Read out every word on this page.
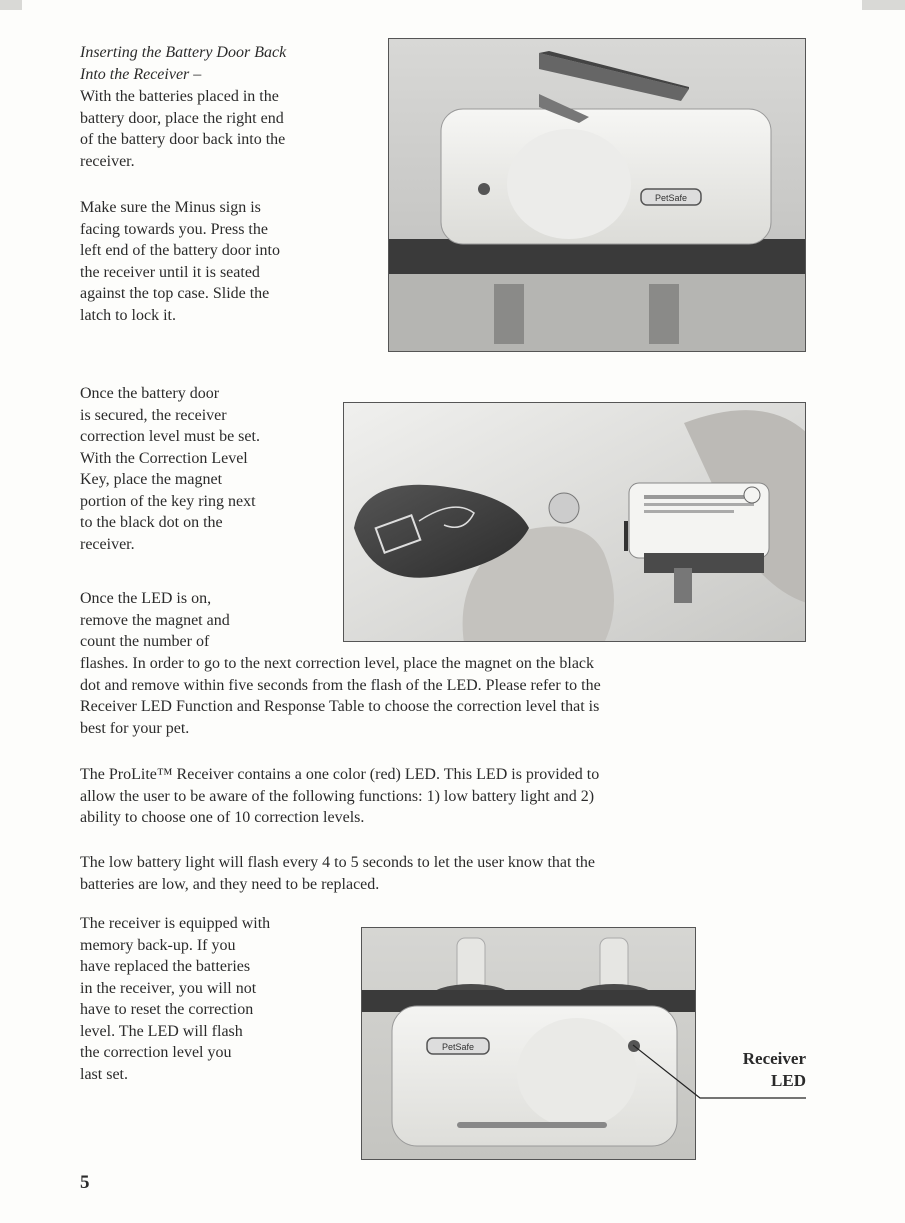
Inserting the Battery Door Back
Into the Receiver –
With the batteries placed in the
battery door, place the right end
of the battery door back into the
receiver.
Make sure the Minus sign is
facing towards you. Press the
left end of the battery door into
the receiver until it is seated
against the top case. Slide the
latch to lock it.
PetSafe
Once the battery door
is secured, the receiver
correction level must be set.
With the Correction Level
Key, place the magnet
portion of the key ring next
to the black dot on the
receiver.
Once the LED is on,
remove the magnet and
count the number of
flashes. In order to go to the next correction level, place the magnet on the black
dot and remove within five seconds from the flash of the LED. Please refer to the
Receiver LED Function and Response Table to choose the correction level that is
best for your pet.
The ProLite™ Receiver contains a one color (red) LED. This LED is provided to
allow the user to be aware of the following functions: 1) low battery light and 2)
ability to choose one of 10 correction levels.
The low battery light will flash every 4 to 5 seconds to let the user know that the
batteries are low, and they need to be replaced.
The receiver is equipped with
memory back-up. If you
have replaced the batteries
in the receiver, you will not
have to reset the correction
level. The LED will flash
the correction level you
last set.
PetSafe
Receiver
LED
5
